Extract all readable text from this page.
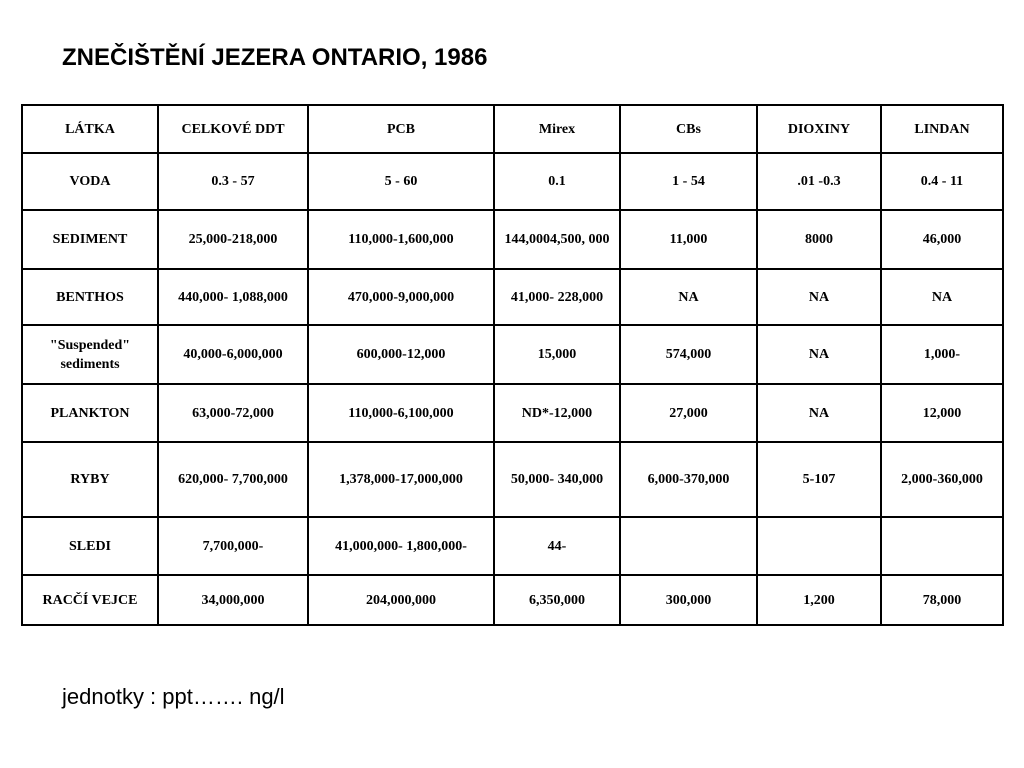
ZNEČIŠTĚNÍ JEZERA ONTARIO, 1986
LÁTKA	CELKOVÉ DDT	PCB	Mirex	CBs	DIOXINY	LINDAN
VODA	0.3 - 57	5 - 60	0.1	1 - 54	.01 -0.3	0.4 - 11
SEDIMENT	25,000-218,000	110,000-1,600,000	144,0004,500, 000	11,000	8000	46,000
BENTHOS	440,000- 1,088,000	470,000-9,000,000	41,000- 228,000	NA	NA	NA
"Suspended" sediments	40,000-6,000,000	600,000-12,000	15,000	574,000	NA	1,000-
PLANKTON	63,000-72,000	110,000-6,100,000	ND*-12,000	27,000	NA	12,000
RYBY	620,000- 7,700,000	1,378,000-17,000,000	50,000- 340,000	6,000-370,000	5-107	2,000-360,000
SLEDI	7,700,000-	41,000,000- 1,800,000-	44-			
RACČÍ VEJCE	34,000,000	204,000,000	6,350,000	300,000	1,200	78,000
jednotky : ppt……. ng/l
